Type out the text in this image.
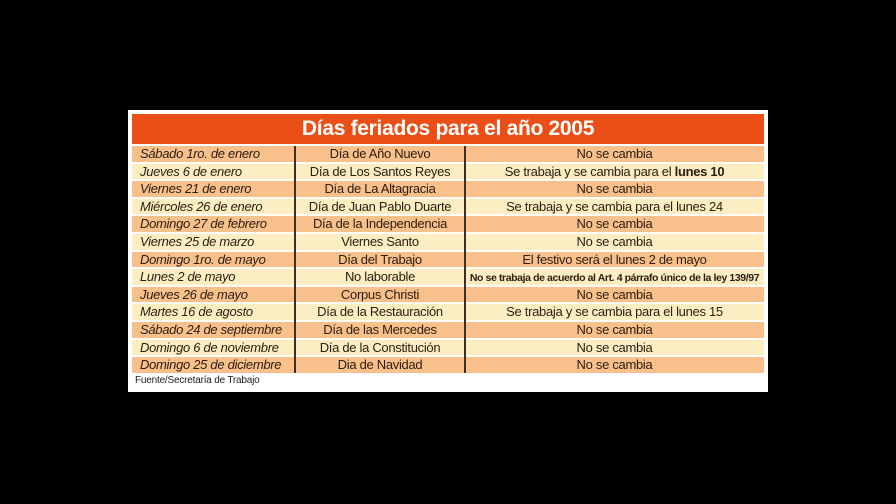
Días feriados para el año 2005
Sábado 1ro. de enero	Día de Año Nuevo	No se cambia
Jueves 6 de enero	Día de Los Santos Reyes	Se trabaja y se cambia para el lunes 10
Viernes 21 de enero	Día de La Altagracia	No se cambia
Miércoles 26 de enero	Día de Juan Pablo Duarte	Se trabaja y se cambia para el lunes 24
Domingo 27 de febrero	Día de la Independencia	No se cambia
Viernes 25 de marzo	Viernes Santo	No se cambia
Domingo 1ro. de mayo	Día del Trabajo	El festivo será el lunes 2 de mayo
Lunes 2 de mayo	No laborable	No se trabaja de acuerdo al Art. 4 párrafo único de la ley 139/97
Jueves 26 de mayo	Corpus Christi	No se cambia
Martes 16 de agosto	Día de la Restauración	Se trabaja y se cambia para el lunes 15
Sábado 24 de septiembre	Día de las Mercedes	No se cambia
Domingo 6 de noviembre	Día de la Constitución	No se cambia
Domingo 25 de diciembre	Dia de Navidad	No se cambia
Fuente/Secretaría de Trabajo
